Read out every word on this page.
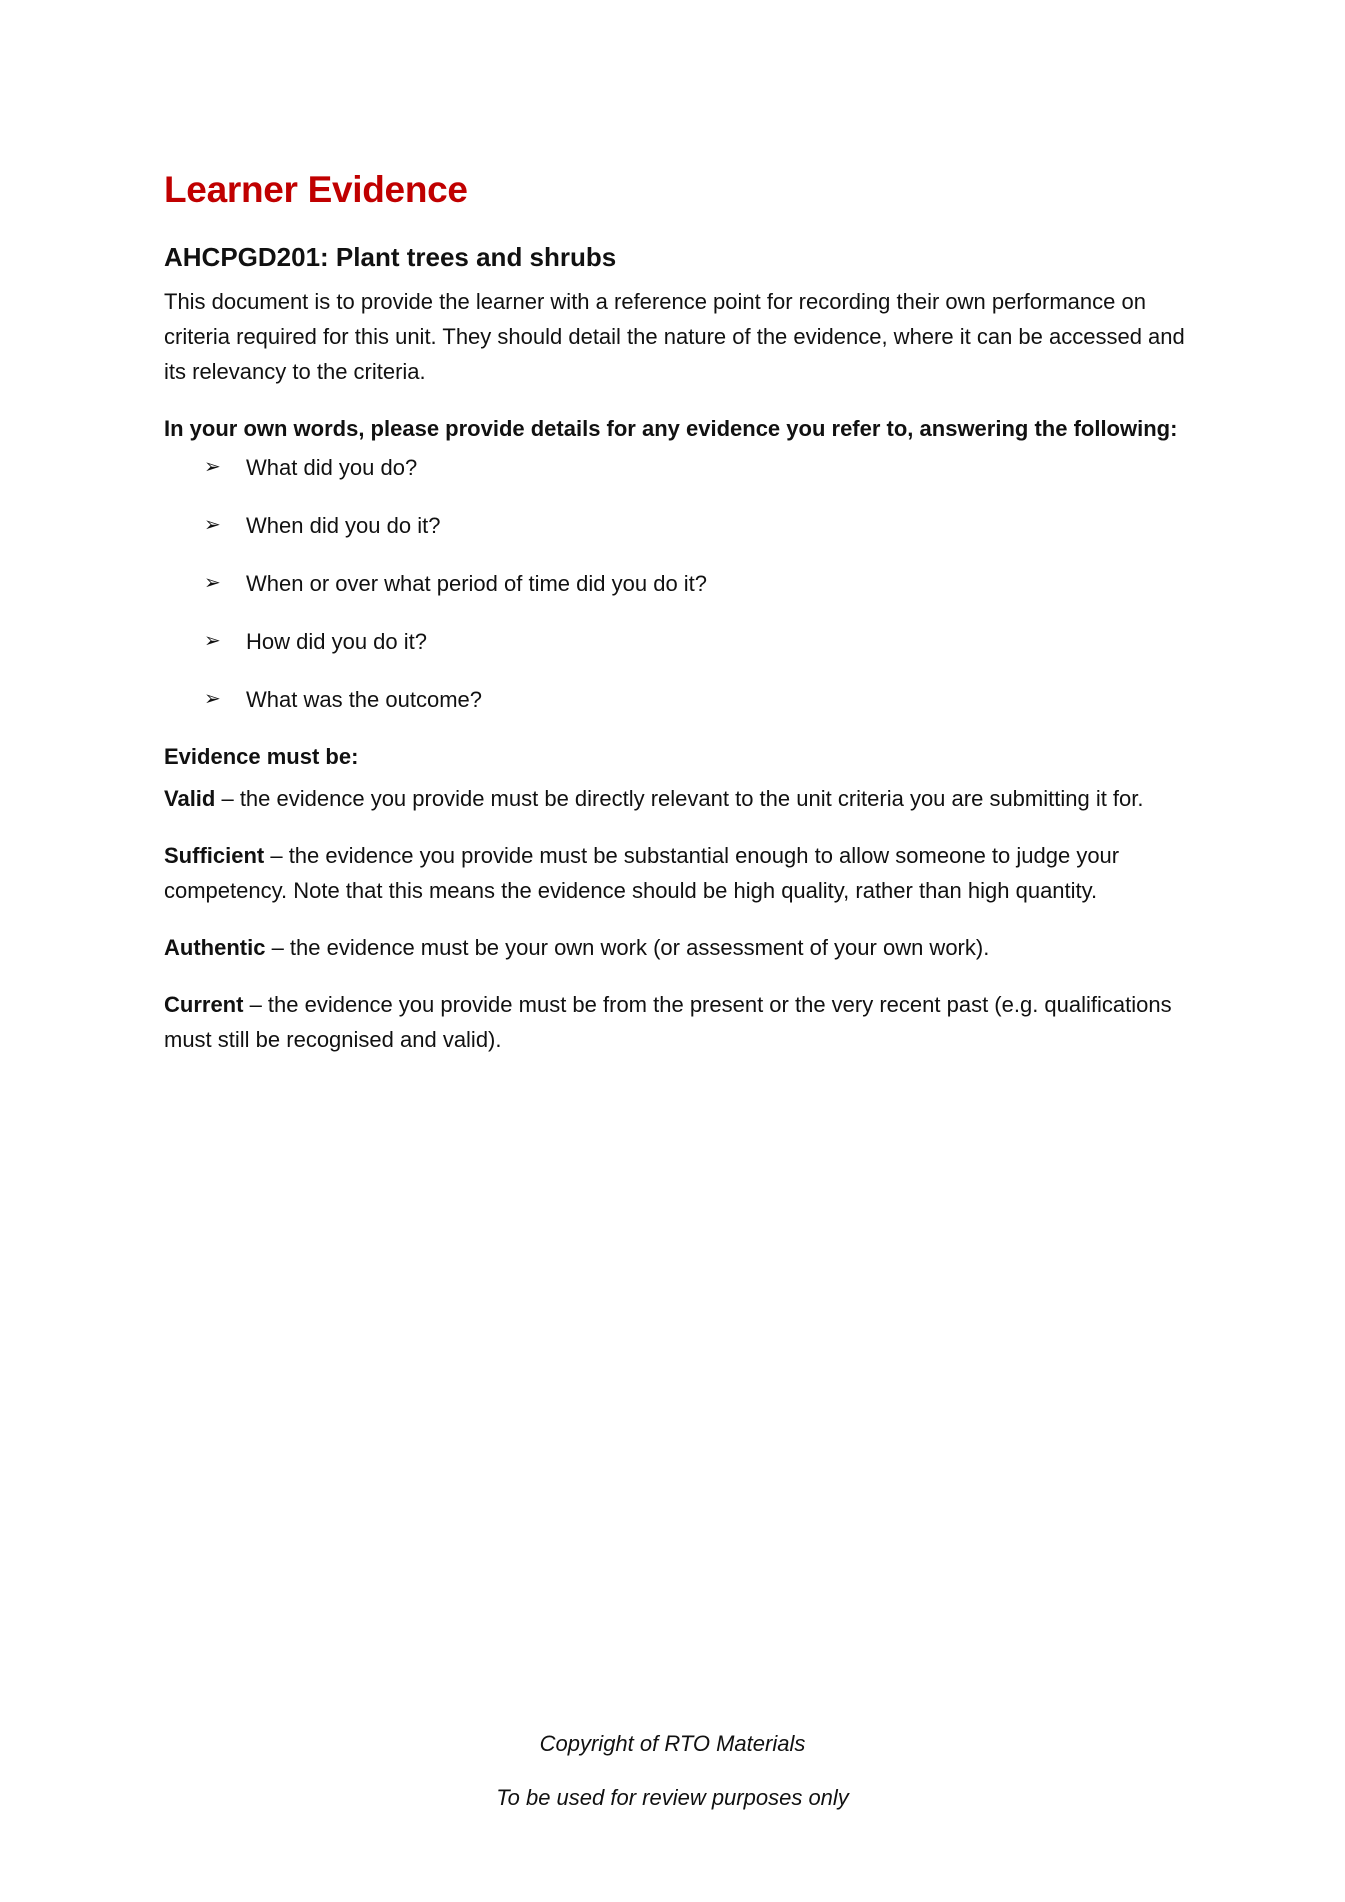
Learner Evidence
AHCPGD201: Plant trees and shrubs

This document is to provide the learner with a reference point for recording their own performance on criteria required for this unit. They should detail the nature of the evidence, where it can be accessed and its relevancy to the criteria.

In your own words, please provide details for any evidence you refer to, answering the following:

➢	What did you do?
➢	When did you do it?
➢	When or over what period of time did you do it?
➢	How did you do it?
➢	What was the outcome?

Evidence must be:

Valid – the evidence you provide must be directly relevant to the unit criteria you are submitting it for.

Sufficient – the evidence you provide must be substantial enough to allow someone to judge your competency. Note that this means the evidence should be high quality, rather than high quantity.

Authentic – the evidence must be your own work (or assessment of your own work).

Current – the evidence you provide must be from the present or the very recent past (e.g. qualifications must still be recognised and valid).

Copyright of RTO Materials
To be used for review purposes only
